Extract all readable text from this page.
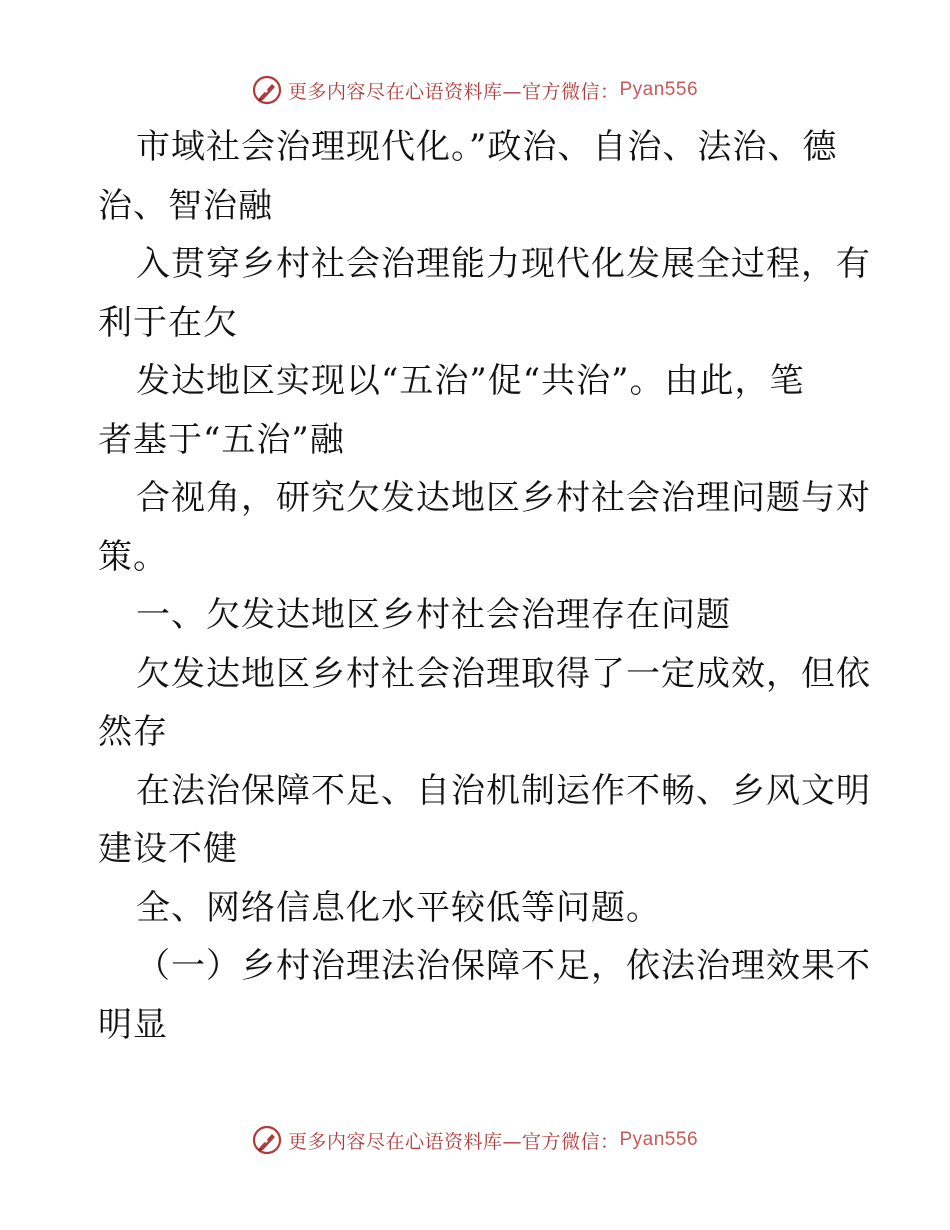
更多内容尽在心语资料库—官方微信： Pyan556
市域社会治理现代化。”政治、自治、法治、德
治、智治融
入贯穿乡村社会治理能力现代化发展全过程，有
利于在欠
发达地区实现以“五治”促“共治”。由此，笔
者基于“五治”融
合视角，研究欠发达地区乡村社会治理问题与对
策。
一、欠发达地区乡村社会治理存在问题
欠发达地区乡村社会治理取得了一定成效，但依
然存
在法治保障不足、自治机制运作不畅、乡风文明
建设不健
全、网络信息化水平较低等问题。
（一）乡村治理法治保障不足，依法治理效果不
明显
更多内容尽在心语资料库—官方微信： Pyan556
